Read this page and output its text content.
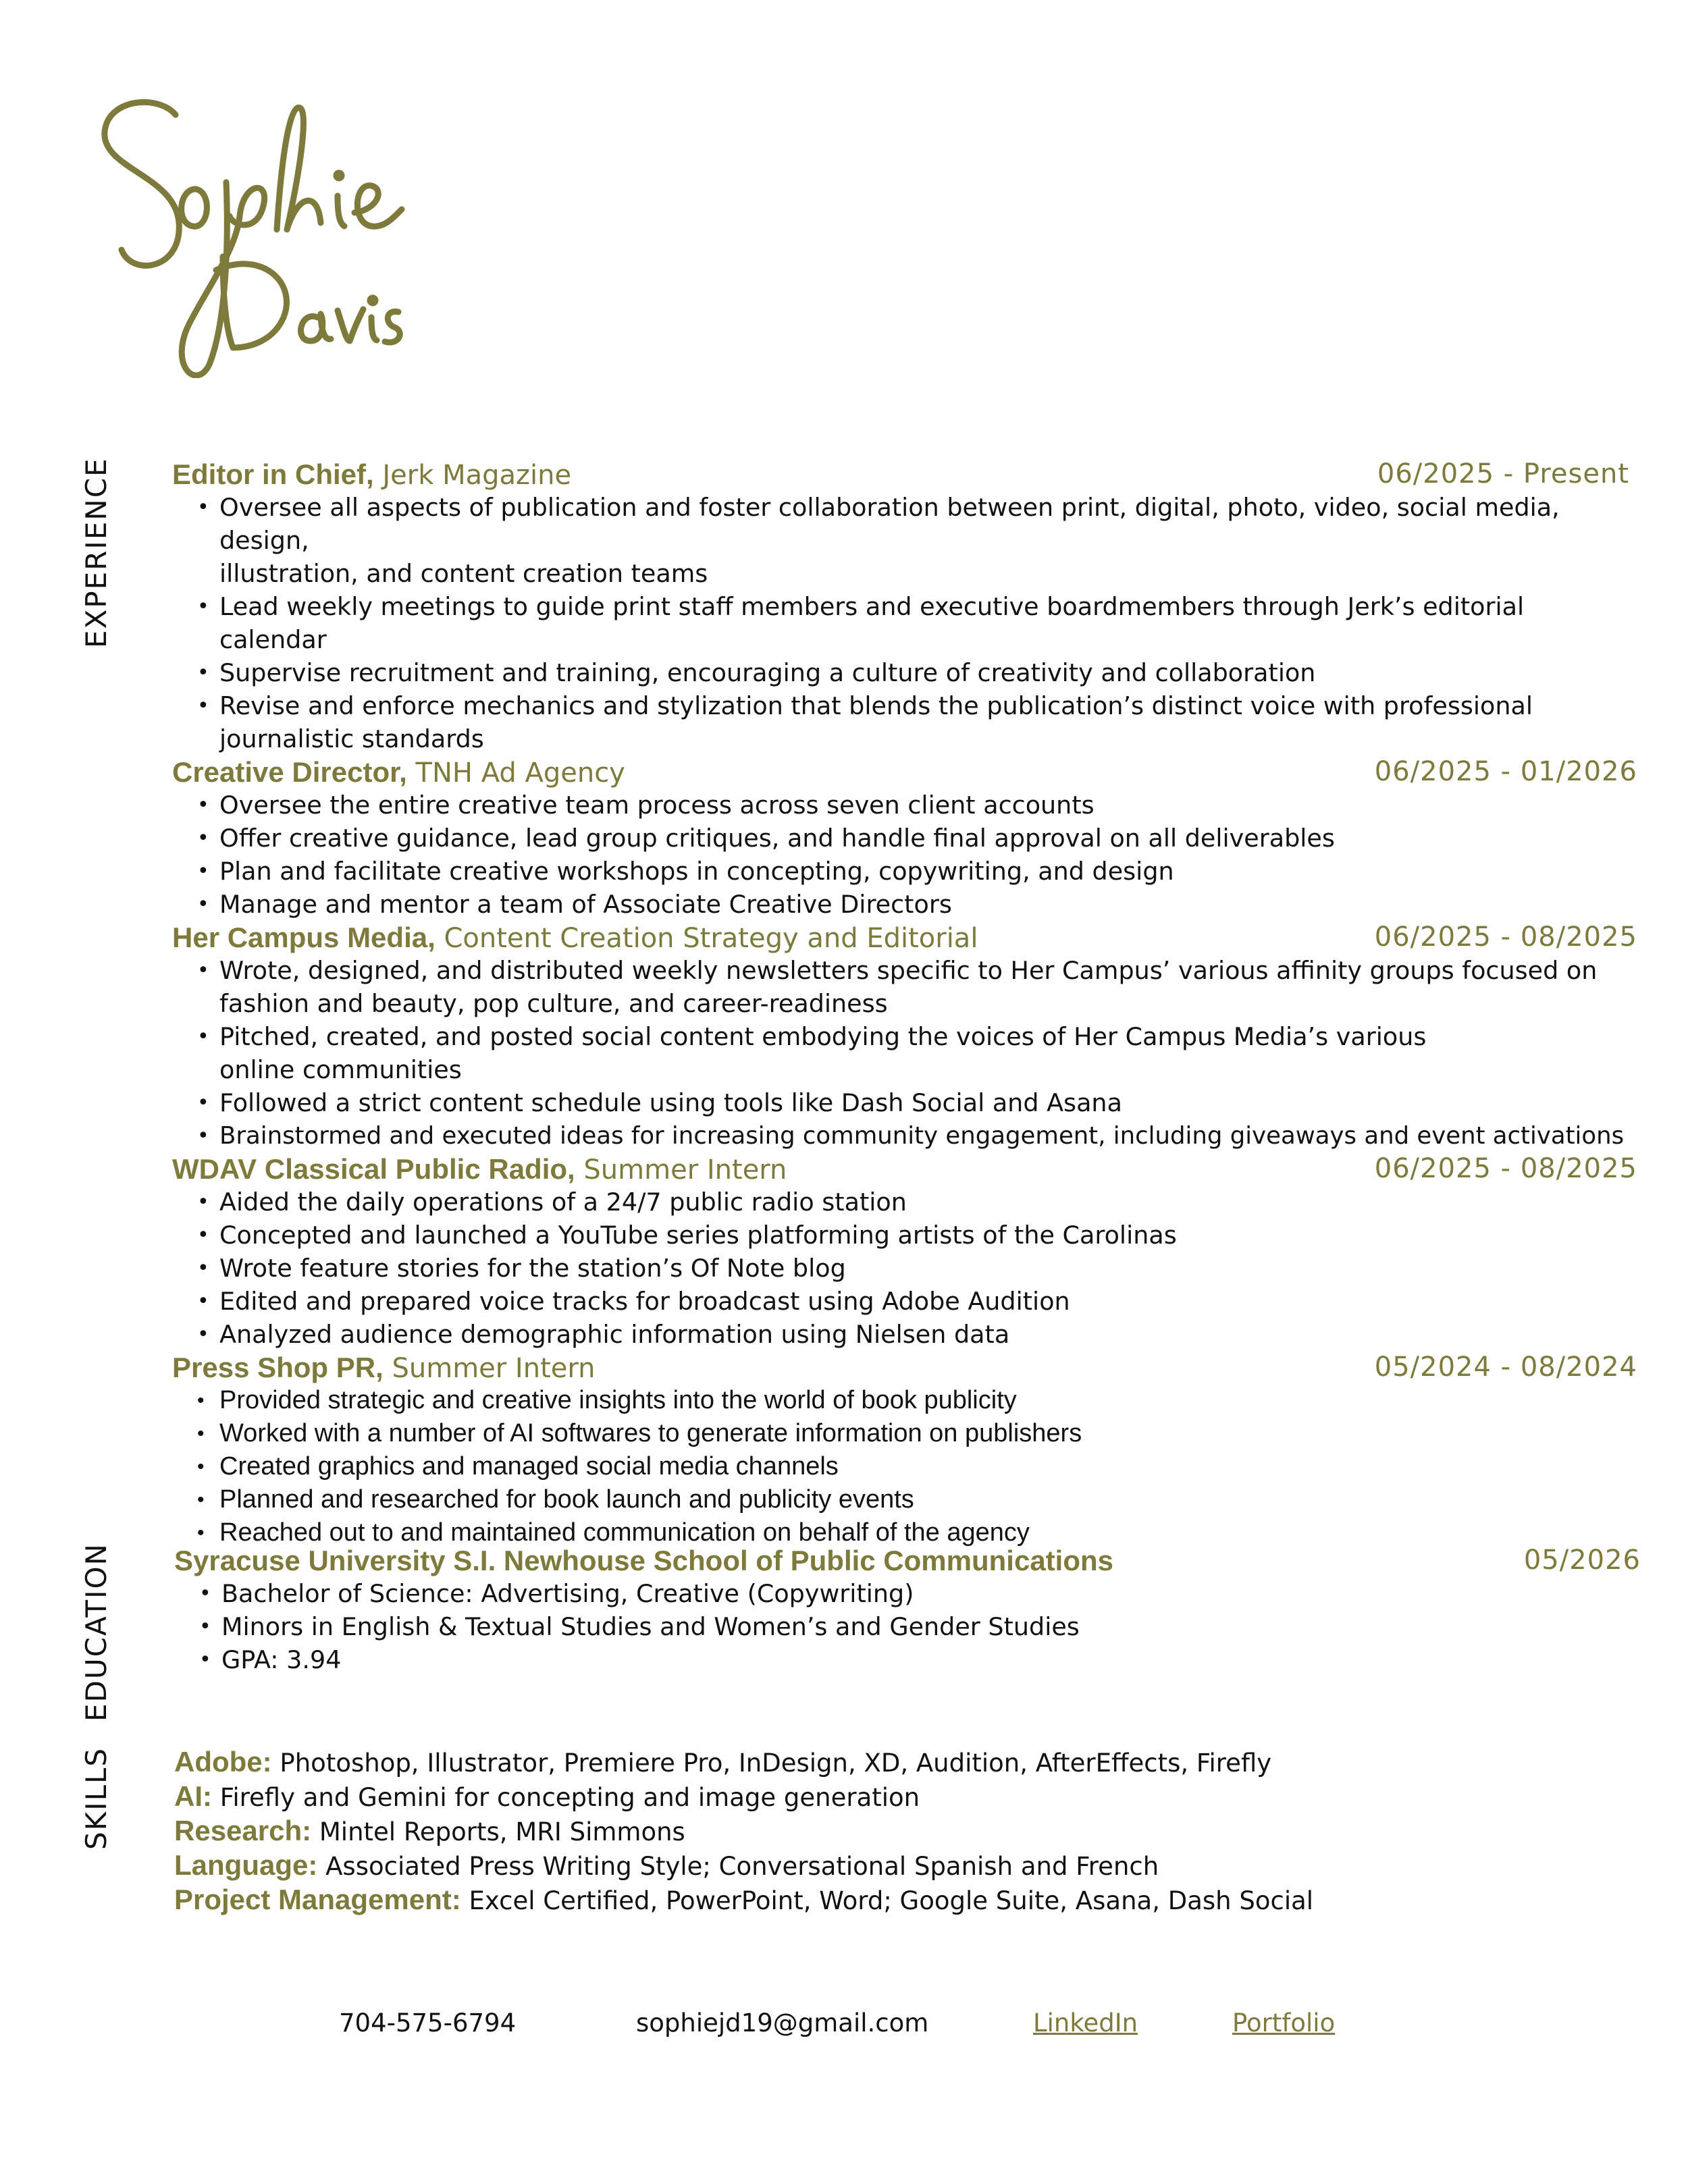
EXPERIENCE
EDUCATION
SKILLS
Editor in Chief, Jerk Magazine	06/2025 - Present
• Oversee all aspects of publication and foster collaboration between print, digital, photo, video, social media, design,
illustration, and content creation teams
• Lead weekly meetings to guide print staff members and executive boardmembers through Jerk’s editorial calendar
• Supervise recruitment and training, encouraging a culture of creativity and collaboration
• Revise and enforce mechanics and stylization that blends the publication’s distinct voice with professional
journalistic standards
Creative Director, TNH Ad Agency	06/2025 - 01/2026
• Oversee the entire creative team process across seven client accounts
• Offer creative guidance, lead group critiques, and handle final approval on all deliverables
• Plan and facilitate creative workshops in concepting, copywriting, and design
• Manage and mentor a team of Associate Creative Directors
Her Campus Media, Content Creation Strategy and Editorial	06/2025 - 08/2025
• Wrote, designed, and distributed weekly newsletters specific to Her Campus’ various affinity groups focused on
fashion and beauty, pop culture, and career-readiness
• Pitched, created, and posted social content embodying the voices of Her Campus Media’s various
online communities
• Followed a strict content schedule using tools like Dash Social and Asana
• Brainstormed and executed ideas for increasing community engagement, including giveaways and event activations
WDAV Classical Public Radio, Summer Intern	06/2025 - 08/2025
• Aided the daily operations of a 24/7 public radio station
• Concepted and launched a YouTube series platforming artists of the Carolinas
• Wrote feature stories for the station’s Of Note blog
• Edited and prepared voice tracks for broadcast using Adobe Audition
• Analyzed audience demographic information using Nielsen data
Press Shop PR, Summer Intern	05/2024 - 08/2024
• Provided strategic and creative insights into the world of book publicity
• Worked with a number of AI softwares to generate information on publishers
• Created graphics and managed social media channels
• Planned and researched for book launch and publicity events
• Reached out to and maintained communication on behalf of the agency
Syracuse University S.I. Newhouse School of Public Communications	05/2026
• Bachelor of Science: Advertising, Creative (Copywriting)
• Minors in English & Textual Studies and Women’s and Gender Studies
• GPA: 3.94
Adobe: Photoshop, Illustrator, Premiere Pro, InDesign, XD, Audition, AfterEffects, Firefly
AI: Firefly and Gemini for concepting and image generation
Research: Mintel Reports, MRI Simmons
Language: Associated Press Writing Style; Conversational Spanish and French
Project Management: Excel Certified, PowerPoint, Word; Google Suite, Asana, Dash Social
704-575-6794	sophiejd19@gmail.com	LinkedIn	Portfolio
